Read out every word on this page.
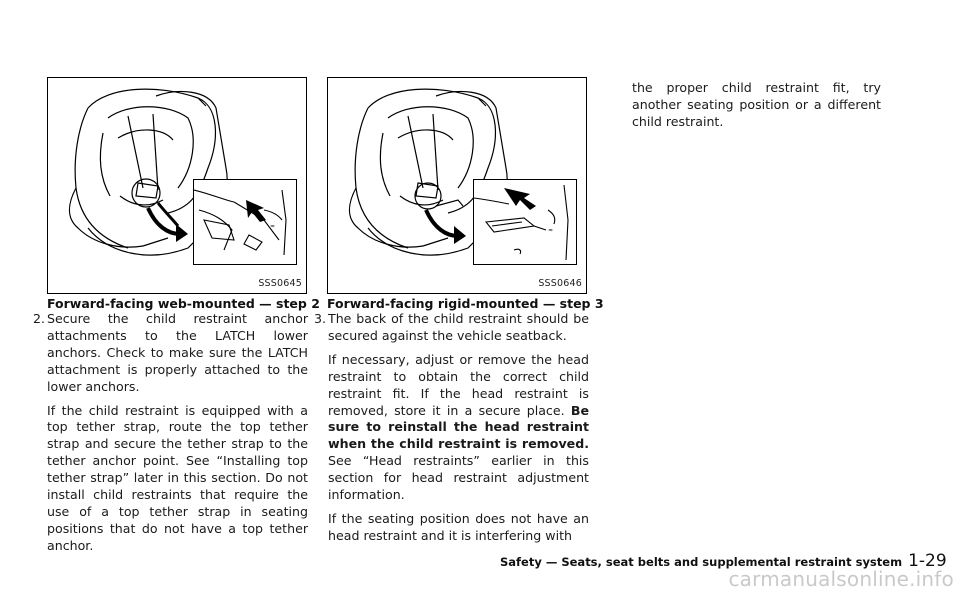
≈
SSS0645
Forward-facing web-mounted — step 2
≈
SSS0646
Forward-facing rigid-mounted — step 3
2. Secure the child restraint anchor attachments to the LATCH lower anchors. Check to make sure the LATCH attachment is properly attached to the lower anchors.

If the child restraint is equipped with a top tether strap, route the top tether strap and secure the tether strap to the tether anchor point. See “Installing top tether strap” later in this section. Do not install child restraints that require the use of a top tether strap in seating positions that do not have a top tether anchor.

3. The back of the child restraint should be secured against the vehicle seatback.

If necessary, adjust or remove the head restraint to obtain the correct child restraint fit. If the head restraint is removed, store it in a secure place. Be sure to reinstall the head restraint when the child restraint is removed. See “Head restraints” earlier in this section for head restraint adjustment information.

If the seating position does not have an head restraint and it is interfering with

the proper child restraint fit, try another seating position or a different child restraint.

Safety — Seats, seat belts and supplemental restraint system 1-29
carmanualsonline.info
